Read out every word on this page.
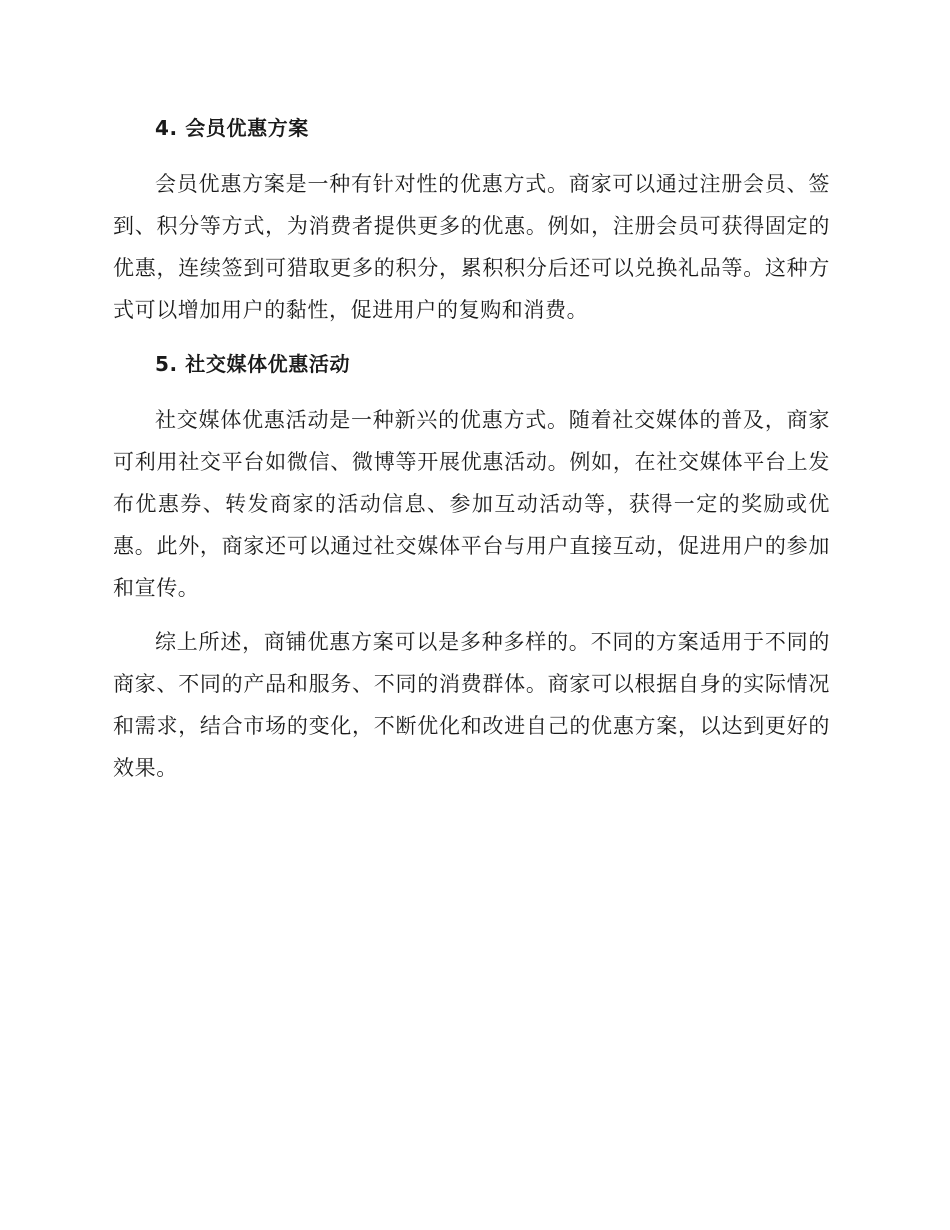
4. 会员优惠方案

会员优惠方案是一种有针对性的优惠方式。商家可以通过注册会员、签到、积分等方式，为消费者提供更多的优惠。例如，注册会员可获得固定的优惠，连续签到可猎取更多的积分，累积积分后还可以兑换礼品等。这种方式可以增加用户的黏性，促进用户的复购和消费。

5. 社交媒体优惠活动

社交媒体优惠活动是一种新兴的优惠方式。随着社交媒体的普及，商家可利用社交平台如微信、微博等开展优惠活动。例如，在社交媒体平台上发布优惠券、转发商家的活动信息、参加互动活动等，获得一定的奖励或优惠。此外，商家还可以通过社交媒体平台与用户直接互动，促进用户的参加和宣传。

综上所述，商铺优惠方案可以是多种多样的。不同的方案适用于不同的商家、不同的产品和服务、不同的消费群体。商家可以根据自身的实际情况和需求，结合市场的变化，不断优化和改进自己的优惠方案，以达到更好的效果。
